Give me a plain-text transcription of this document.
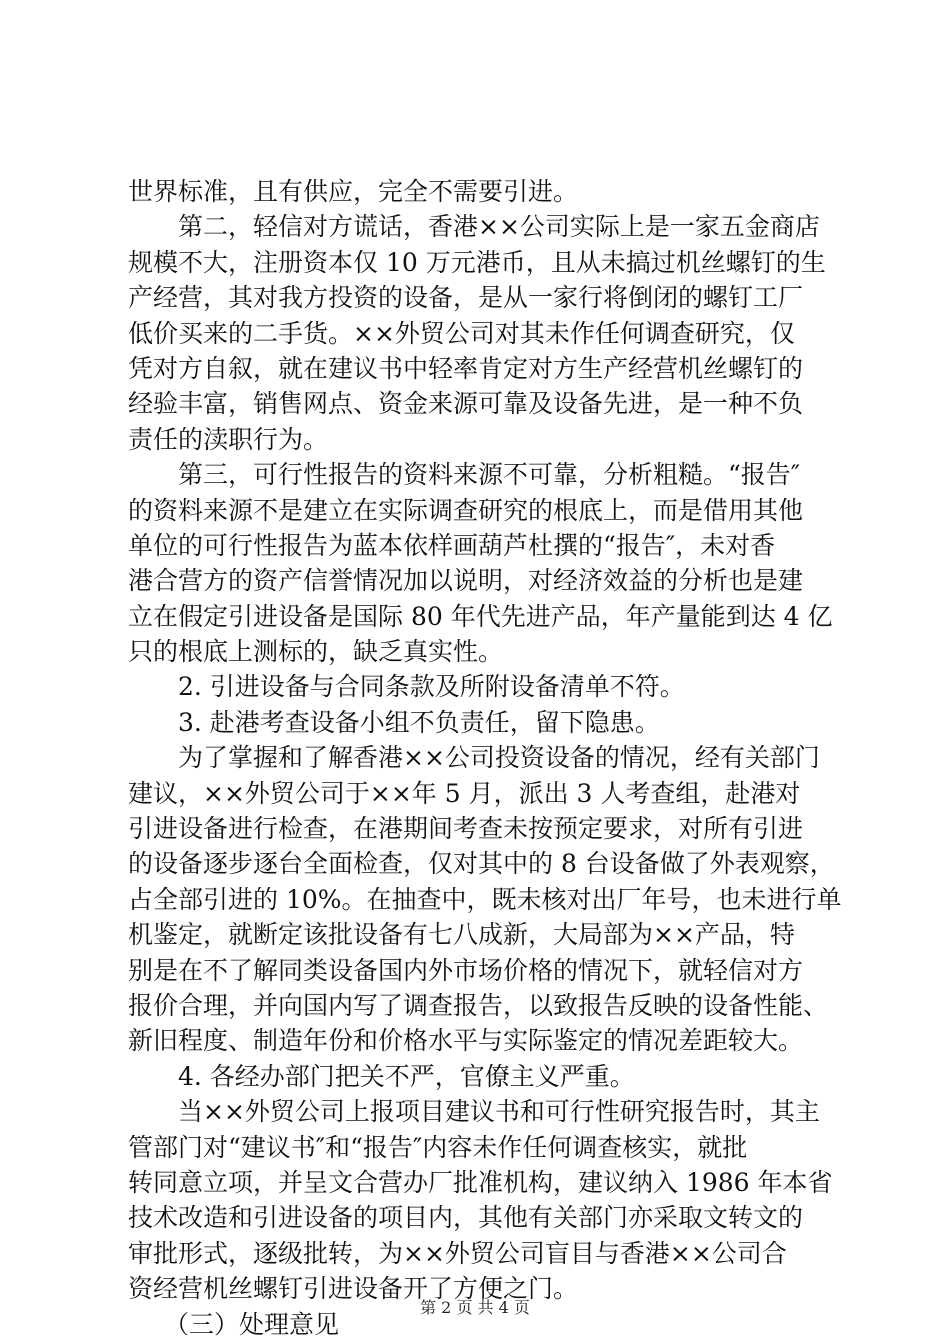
世界标准，且有供应，完全不需要引进。
第二，轻信对方谎话，香港××公司实际上是一家五金商店
规模不大，注册资本仅 10 万元港币，且从未搞过机丝螺钉的生
产经营，其对我方投资的设备，是从一家行将倒闭的螺钉工厂
低价买来的二手货。××外贸公司对其未作任何调查研究，仅
凭对方自叙，就在建议书中轻率肯定对方生产经营机丝螺钉的
经验丰富，销售网点、资金来源可靠及设备先进，是一种不负
责任的渎职行为。
第三，可行性报告的资料来源不可靠，分析粗糙。“报告″
的资料来源不是建立在实际调查研究的根底上，而是借用其他
单位的可行性报告为蓝本依样画葫芦杜撰的“报告″，未对香
港合营方的资产信誉情况加以说明，对经济效益的分析也是建
立在假定引进设备是国际 80 年代先进产品，年产量能到达 4 亿
只的根底上测标的，缺乏真实性。
2. 引进设备与合同条款及所附设备清单不符。
3. 赴港考查设备小组不负责任，留下隐患。
为了掌握和了解香港××公司投资设备的情况，经有关部门
建议，××外贸公司于××年 5 月，派出 3 人考查组，赴港对
引进设备进行检查，在港期间考查未按预定要求，对所有引进
的设备逐步逐台全面检查，仅对其中的 8 台设备做了外表观察，
占全部引进的 10%。在抽查中，既未核对出厂年号，也未进行单
机鉴定，就断定该批设备有七八成新，大局部为××产品，特
别是在不了解同类设备国内外市场价格的情况下，就轻信对方
报价合理，并向国内写了调查报告，以致报告反映的设备性能、
新旧程度、制造年份和价格水平与实际鉴定的情况差距较大。
4. 各经办部门把关不严，官僚主义严重。
当××外贸公司上报项目建议书和可行性研究报告时，其主
管部门对“建议书″和“报告″内容未作任何调查核实，就批
转同意立项，并呈文合营办厂批准机构，建议纳入 1986 年本省
技术改造和引进设备的项目内，其他有关部门亦采取文转文的
审批形式，逐级批转，为××外贸公司盲目与香港××公司合
资经营机丝螺钉引进设备开了方便之门。
（三）处理意见
第 2 页 共 4 页
